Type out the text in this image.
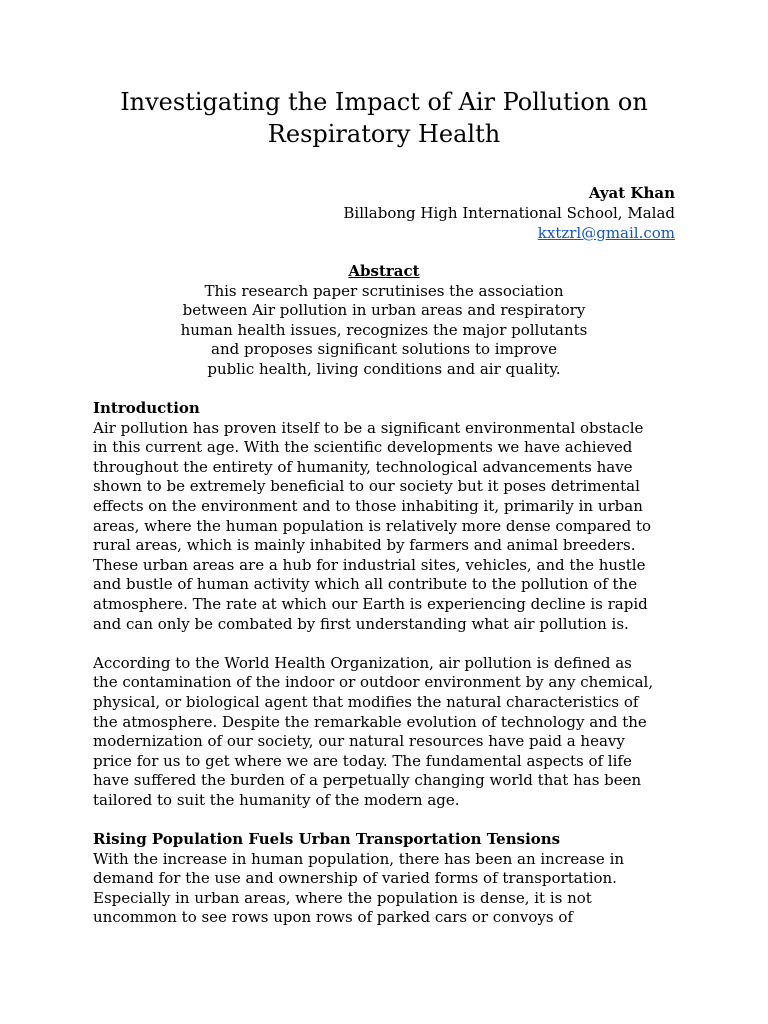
Investigating the Impact of Air Pollution on
Respiratory Health
Ayat Khan
Billabong High International School, Malad
kxtzrl@gmail.com
Abstract
This research paper scrutinises the association
between Air pollution in urban areas and respiratory
human health issues, recognizes the major pollutants
and proposes significant solutions to improve
public health, living conditions and air quality.
Introduction
Air pollution has proven itself to be a significant environmental obstacle
in this current age. With the scientific developments we have achieved
throughout the entirety of humanity, technological advancements have
shown to be extremely beneficial to our society but it poses detrimental
effects on the environment and to those inhabiting it, primarily in urban
areas, where the human population is relatively more dense compared to
rural areas, which is mainly inhabited by farmers and animal breeders.
These urban areas are a hub for industrial sites, vehicles, and the hustle
and bustle of human activity which all contribute to the pollution of the
atmosphere. The rate at which our Earth is experiencing decline is rapid
and can only be combated by first understanding what air pollution is.
According to the World Health Organization, air pollution is defined as
the contamination of the indoor or outdoor environment by any chemical,
physical, or biological agent that modifies the natural characteristics of
the atmosphere. Despite the remarkable evolution of technology and the
modernization of our society, our natural resources have paid a heavy
price for us to get where we are today. The fundamental aspects of life
have suffered the burden of a perpetually changing world that has been
tailored to suit the humanity of the modern age.
Rising Population Fuels Urban Transportation Tensions
With the increase in human population, there has been an increase in
demand for the use and ownership of varied forms of transportation.
Especially in urban areas, where the population is dense, it is not
uncommon to see rows upon rows of parked cars or convoys of
